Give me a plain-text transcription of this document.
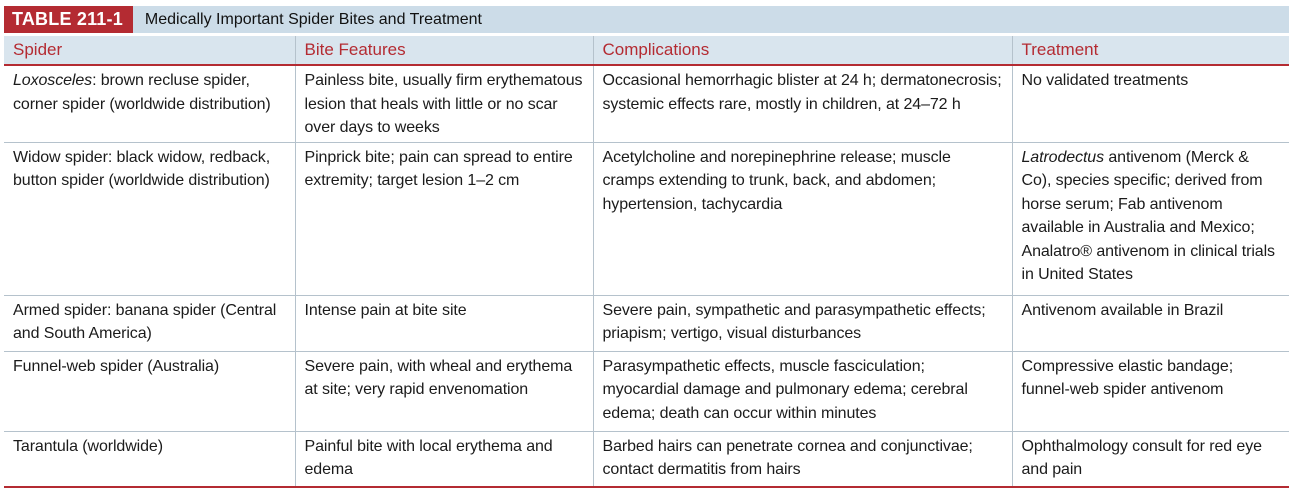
TABLE 211-1	Medically Important Spider Bites and Treatment
Spider	Bite Features	Complications	Treatment
Loxosceles: brown recluse spider, corner spider (worldwide distribution)	Painless bite, usually firm erythematous lesion that heals with little or no scar over days to weeks	Occasional hemorrhagic blister at 24 h; dermatonecrosis; systemic effects rare, mostly in children, at 24–72 h	No validated treatments
Widow spider: black widow, redback, button spider (worldwide distribution)	Pinprick bite; pain can spread to entire extremity; target lesion 1–2 cm	Acetylcholine and norepinephrine release; muscle cramps extending to trunk, back, and abdomen; hypertension, tachycardia	Latrodectus antivenom (Merck & Co), species specific; derived from horse serum; Fab antivenom available in Australia and Mexico; Analatro® antivenom in clinical trials in United States
Armed spider: banana spider (Central and South America)	Intense pain at bite site	Severe pain, sympathetic and parasympathetic effects; priapism; vertigo, visual disturbances	Antivenom available in Brazil
Funnel-web spider (Australia)	Severe pain, with wheal and erythema at site; very rapid envenomation	Parasympathetic effects, muscle fasciculation; myocardial damage and pulmonary edema; cerebral edema; death can occur within minutes	Compressive elastic bandage; funnel-web spider antivenom
Tarantula (worldwide)	Painful bite with local erythema and edema	Barbed hairs can penetrate cornea and conjunctivae; contact dermatitis from hairs	Ophthalmology consult for red eye and pain
